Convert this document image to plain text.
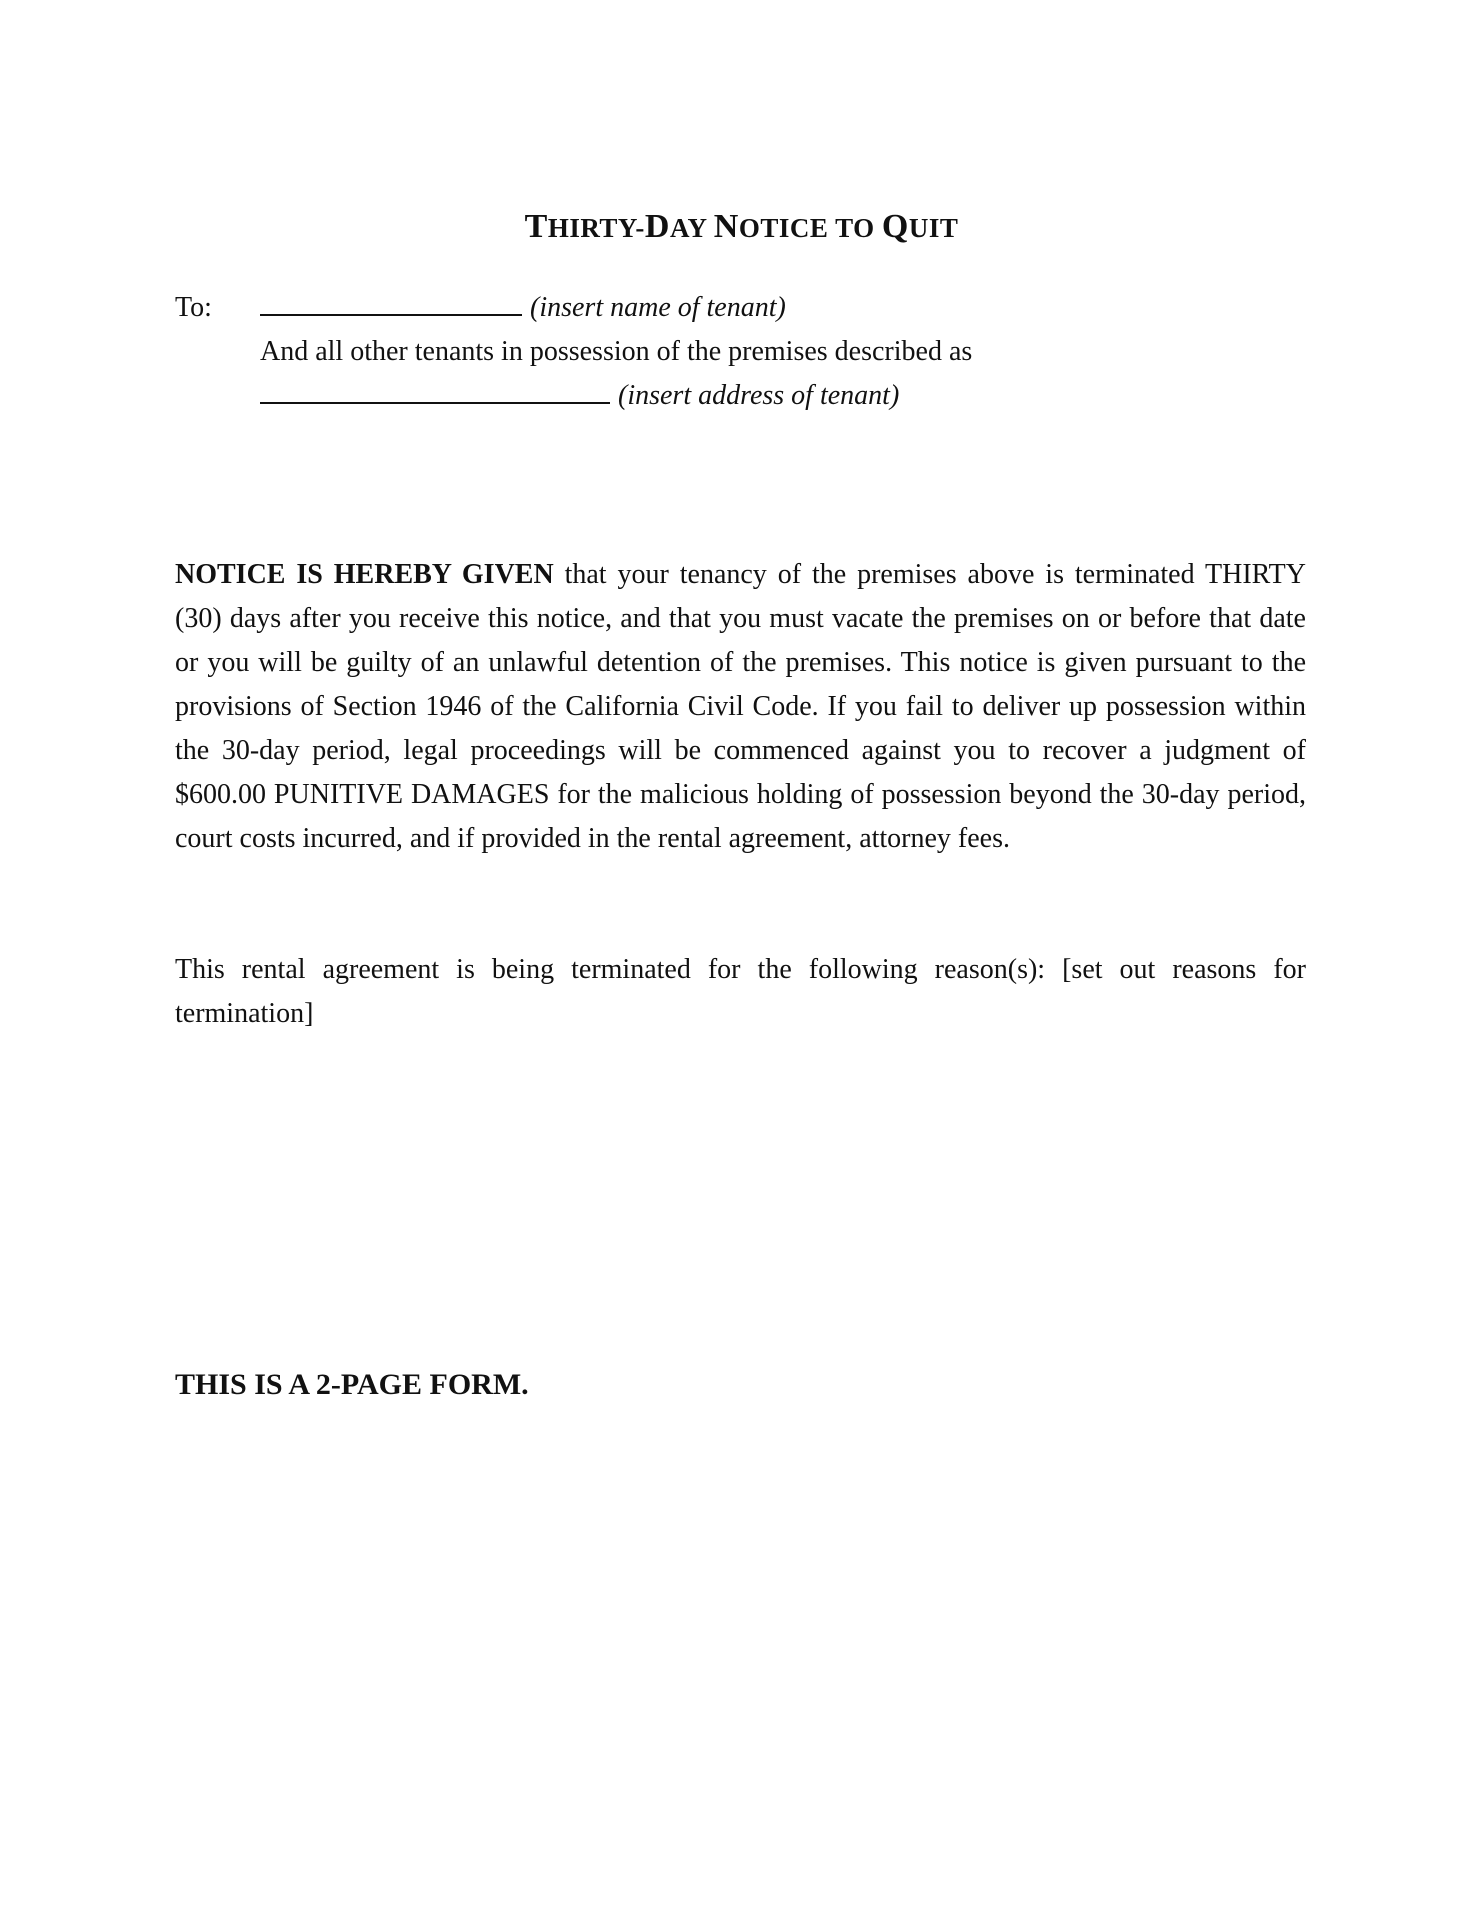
THIRTY-DAY NOTICE TO QUIT
To:	(insert name of tenant)
And all other tenants in possession of the premises described as
(insert address of tenant)
NOTICE IS HEREBY GIVEN that your tenancy of the premises above is terminated THIRTY (30) days after you receive this notice, and that you must vacate the premises on or before that date or you will be guilty of an unlawful detention of the premises. This notice is given pursuant to the provisions of Section 1946 of the California Civil Code. If you fail to deliver up possession within the 30-day period, legal proceedings will be commenced against you to recover a judgment of $600.00 PUNITIVE DAMAGES for the malicious holding of possession beyond the 30-day period, court costs incurred, and if provided in the rental agreement, attorney fees.
This rental agreement is being terminated for the following reason(s): [set out reasons for termination]
THIS IS A 2-PAGE FORM.
